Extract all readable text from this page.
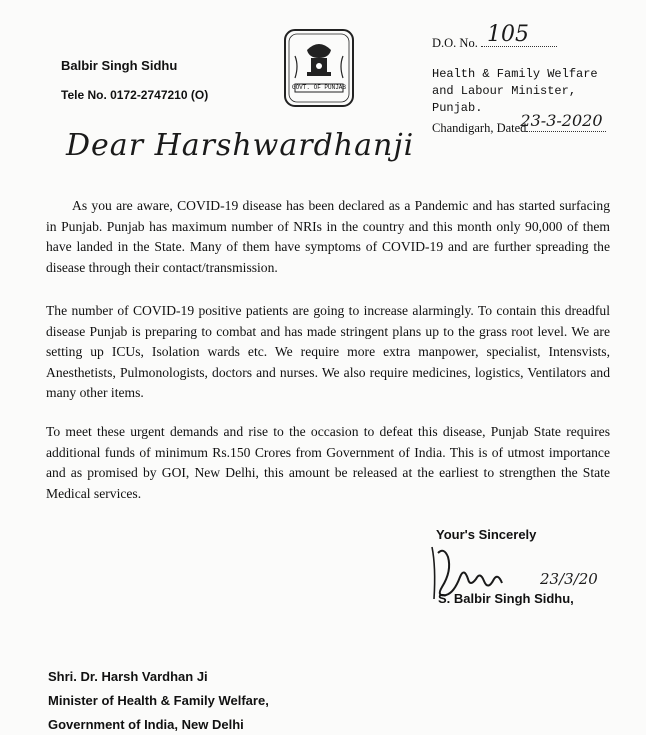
Balbir Singh Sidhu
Tele No. 0172-2747210 (O)
GOVT. OF PUNJAB
D.O. No. 105
Health & Family Welfare
and Labour Minister,
Punjab.
Chandigarh, Dated
23-3-2020
Dear Harshwardhanji
As you are aware, COVID-19 disease has been declared as a Pandemic and has started surfacing in Punjab. Punjab has maximum number of NRIs in the country and this month only 90,000 of them have landed in the State. Many of them have symptoms of COVID-19 and are further spreading the disease through their contact/transmission.
The number of COVID-19 positive patients are going to increase alarmingly. To contain this dreadful disease Punjab is preparing to combat and has made stringent plans up to the grass root level. We are setting up ICUs, Isolation wards etc. We require more extra manpower, specialist, Intensvists, Anesthetists, Pulmonologists, doctors and nurses. We also require medicines, logistics, Ventilators and many other items.
To meet these urgent demands and rise to the occasion to defeat this disease, Punjab State requires additional funds of minimum Rs.150 Crores from Government of India. This is of utmost importance and as promised by GOI, New Delhi, this amount be released at the earliest to strengthen the State Medical services.
Your's Sincerely
23/3/20
S. Balbir Singh Sidhu,
Shri. Dr. Harsh Vardhan Ji
Minister of Health & Family Welfare,
Government of India, New Delhi
